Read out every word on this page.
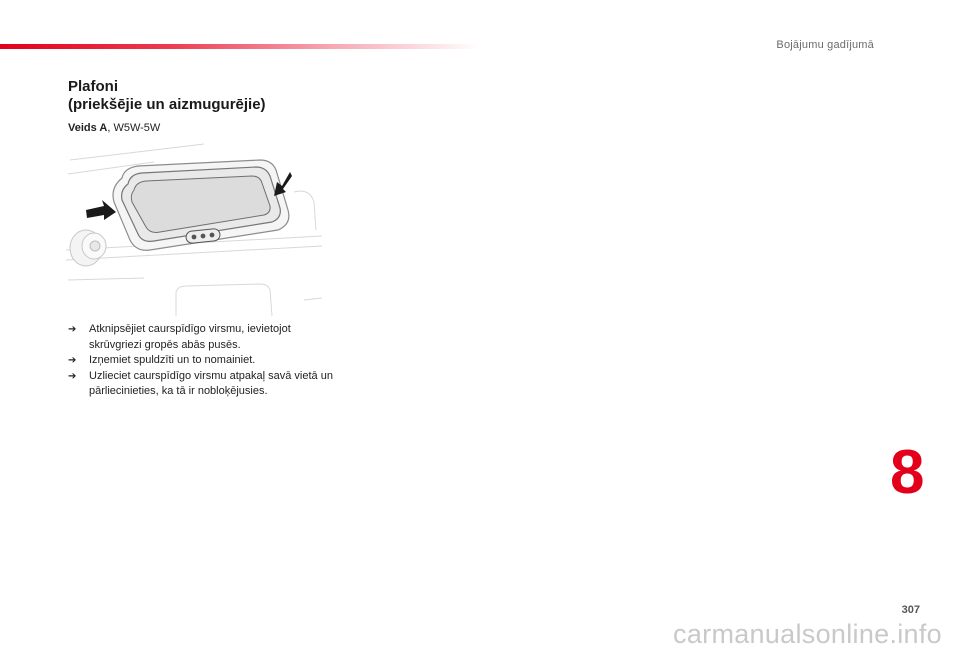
Bojājumu gadījumā
Plafoni
(priekšējie un aizmugurējie)
Veids A, W5W-5W
➔ Atknipsējiet caurspīdīgo virsmu, ievietojot skrūvgriezi gropēs abās pusēs.
➔ Izņemiet spuldzīti un to nomainiet.
➔ Uzlieciet caurspīdīgo virsmu atpakaļ savā vietā un pārliecinieties, ka tā ir nobloķējusies.
8
307
carmanualsonline.info
